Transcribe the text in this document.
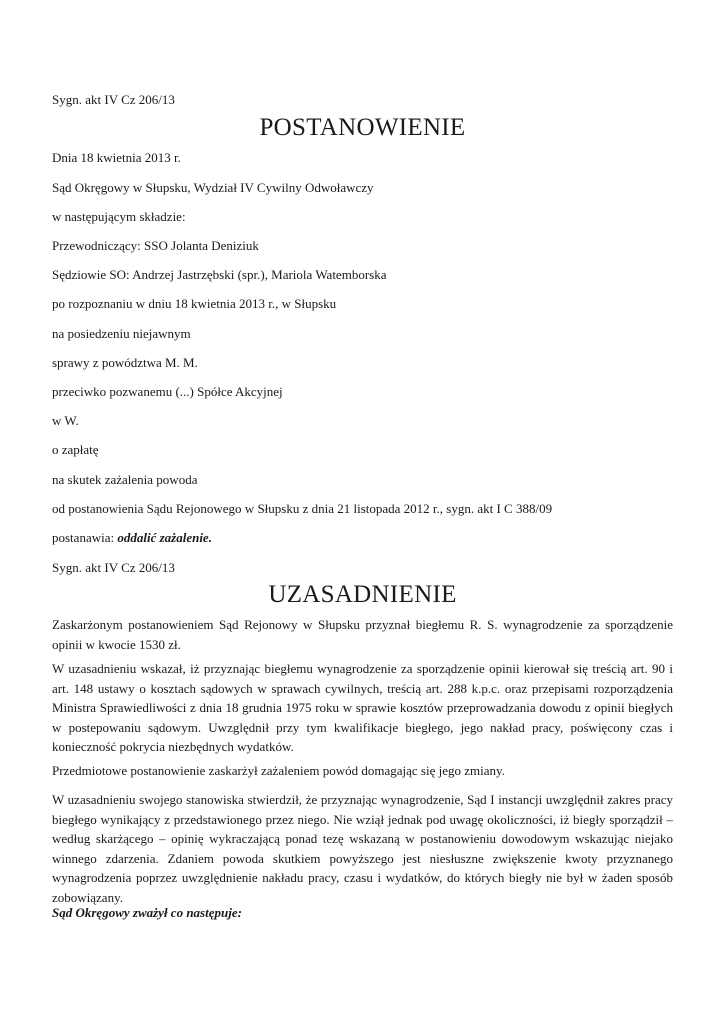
Sygn. akt IV Cz 206/13
POSTANOWIENIE
Dnia 18 kwietnia 2013 r.
Sąd Okręgowy w Słupsku, Wydział IV Cywilny Odwoławczy
w następującym składzie:
Przewodniczący: SSO Jolanta Deniziuk
Sędziowie SO: Andrzej Jastrzębski (spr.), Mariola Watemborska
po rozpoznaniu w dniu 18 kwietnia 2013 r., w Słupsku
na posiedzeniu niejawnym
sprawy z powództwa M. M.
przeciwko pozwanemu (...) Spółce Akcyjnej
w W.
o zapłatę
na skutek zażalenia powoda
od postanowienia Sądu Rejonowego w Słupsku z dnia 21 listopada 2012 r., sygn. akt I C 388/09
postanawia: oddalić zażalenie.
Sygn. akt IV Cz 206/13
UZASADNIENIE
Zaskarżonym postanowieniem Sąd Rejonowy w Słupsku przyznał biegłemu R. S. wynagrodzenie za sporządzenie opinii w kwocie 1530 zł.
W uzasadnieniu wskazał, iż przyznając biegłemu wynagrodzenie za sporządzenie opinii kierował się treścią art. 90 i art. 148 ustawy o kosztach sądowych w sprawach cywilnych, treścią art. 288 k.p.c. oraz przepisami rozporządzenia Ministra Sprawiedliwości z dnia 18 grudnia 1975 roku w sprawie kosztów przeprowadzania dowodu z opinii biegłych w postepowaniu sądowym. Uwzględnił przy tym kwalifikacje biegłego, jego nakład pracy, poświęcony czas i konieczność pokrycia niezbędnych wydatków.
Przedmiotowe postanowienie zaskarżył zażaleniem powód domagając się jego zmiany.
W uzasadnieniu swojego stanowiska stwierdził, że przyznając wynagrodzenie, Sąd I instancji uwzględnił zakres pracy biegłego wynikający z przedstawionego przez niego. Nie wziął jednak pod uwagę okoliczności, iż biegły sporządził – według skarżącego – opinię wykraczającą ponad tezę wskazaną w postanowieniu dowodowym wskazując niejako winnego zdarzenia. Zdaniem powoda skutkiem powyższego jest niesłuszne zwiększenie kwoty przyznanego wynagrodzenia poprzez uwzględnienie nakładu pracy, czasu i wydatków, do których biegły nie był w żaden sposób zobowiązany.
Sąd Okręgowy zważył co następuje:
